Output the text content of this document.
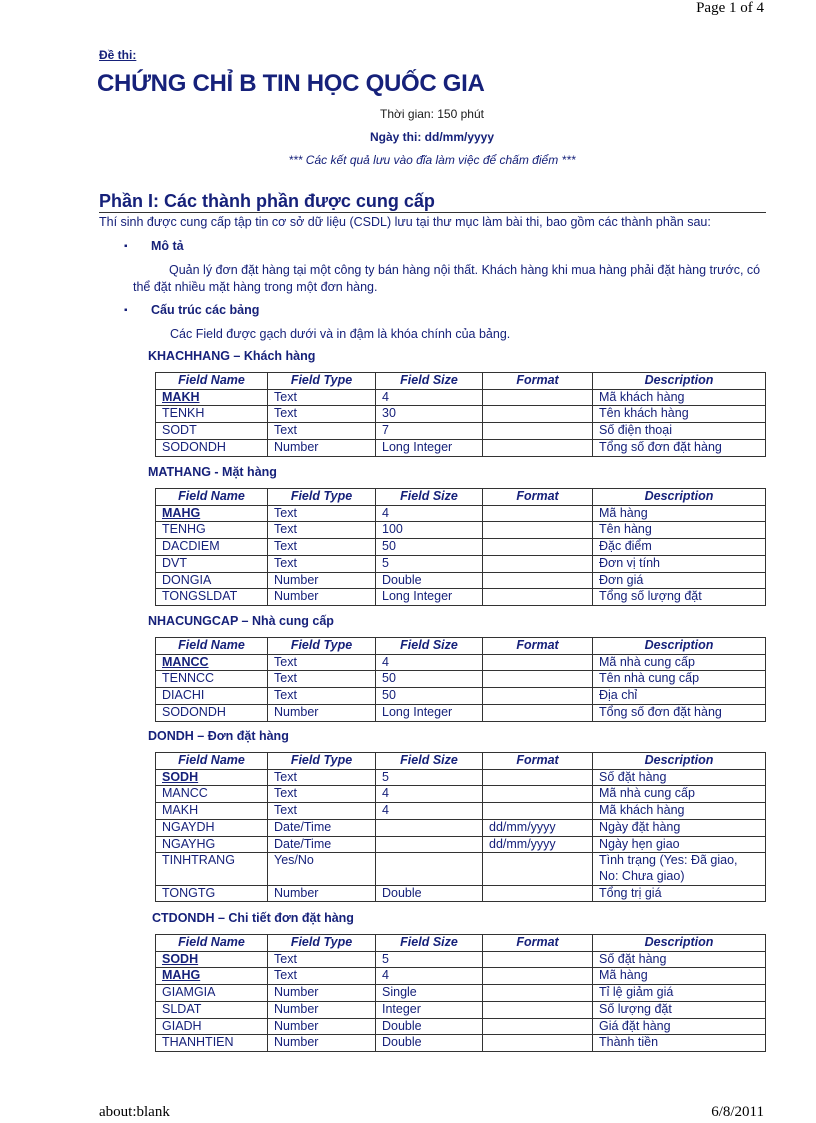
Page 1 of 4
Đề thi:
CHỨNG CHỈ B TIN HỌC QUỐC GIA
Thời gian: 150 phút
Ngày thi: dd/mm/yyyy
*** Các kết quả lưu vào đĩa làm việc để chấm điểm ***
Phần I: Các thành phần được cung cấp
Thí sinh được cung cấp tập tin cơ sở dữ liệu (CSDL) lưu tại thư mục làm bài thi, bao gồm các thành phần sau:
▪ Mô tả
Quản lý đơn đặt hàng tại một công ty bán hàng nội thất. Khách hàng khi mua hàng phải đặt hàng trước, có thể đặt nhiều mặt hàng trong một đơn hàng.
▪ Cấu trúc các bảng
Các Field được gạch dưới và in đậm là khóa chính của bảng.
KHACHHANG – Khách hàng
Field Name	Field Type	Field Size	Format	Description
MAKH	Text	4		Mã khách hàng
TENKH	Text	30		Tên khách hàng
SODT	Text	7		Số điện thoại
SODONDH	Number	Long Integer		Tổng số đơn đặt hàng
MATHANG - Mặt hàng
Field Name	Field Type	Field Size	Format	Description
MAHG	Text	4		Mã hàng
TENHG	Text	100		Tên hàng
DACDIEM	Text	50		Đặc điểm
DVT	Text	5		Đơn vị tính
DONGIA	Number	Double		Đơn giá
TONGSLDAT	Number	Long Integer		Tổng số lượng đặt
NHACUNGCAP – Nhà cung cấp
Field Name	Field Type	Field Size	Format	Description
MANCC	Text	4		Mã nhà cung cấp
TENNCC	Text	50		Tên nhà cung cấp
DIACHI	Text	50		Địa chỉ
SODONDH	Number	Long Integer		Tổng số đơn đặt hàng
DONDH – Đơn đặt hàng
Field Name	Field Type	Field Size	Format	Description
SODH	Text	5		Số đặt hàng
MANCC	Text	4		Mã nhà cung cấp
MAKH	Text	4		Mã khách hàng
NGAYDH	Date/Time		dd/mm/yyyy	Ngày đặt hàng
NGAYHG	Date/Time		dd/mm/yyyy	Ngày hẹn giao
TINHTRANG	Yes/No			Tình trạng (Yes: Đã giao, No: Chưa giao)
TONGTG	Number	Double		Tổng trị giá
CTDONDH – Chi tiết đơn đặt hàng
Field Name	Field Type	Field Size	Format	Description
SODH	Text	5		Số đặt hàng
MAHG	Text	4		Mã hàng
GIAMGIA	Number	Single		Tỉ lệ giảm giá
SLDAT	Number	Integer		Số lượng đặt
GIADH	Number	Double		Giá đặt hàng
THANHTIEN	Number	Double		Thành tiền
about:blank	6/8/2011
